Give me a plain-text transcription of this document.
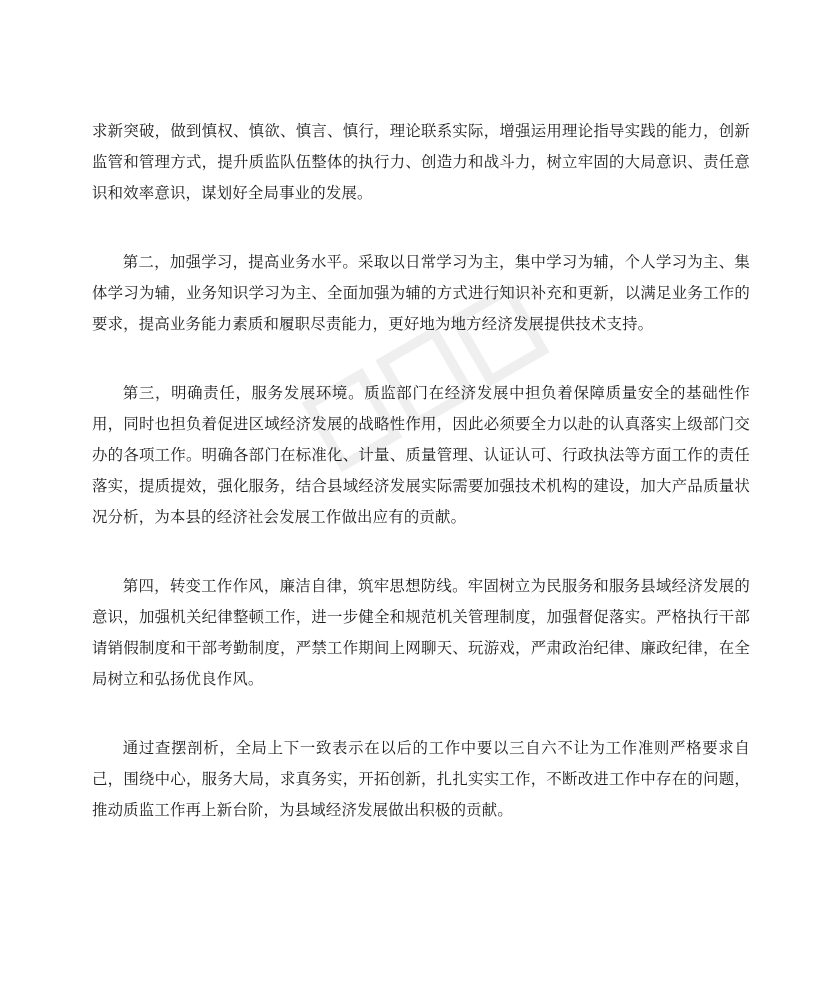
求新突破，做到慎权、慎欲、慎言、慎行，理论联系实际，增强运用理论指导实践的能力，创新监管和管理方式，提升质监队伍整体的执行力、创造力和战斗力，树立牢固的大局意识、责任意识和效率意识，谋划好全局事业的发展。

第二，加强学习，提高业务水平。采取以日常学习为主，集中学习为辅，个人学习为主、集体学习为辅，业务知识学习为主、全面加强为辅的方式进行知识补充和更新，以满足业务工作的要求，提高业务能力素质和履职尽责能力，更好地为地方经济发展提供技术支持。

第三，明确责任，服务发展环境。质监部门在经济发展中担负着保障质量安全的基础性作用，同时也担负着促进区域经济发展的战略性作用，因此必须要全力以赴的认真落实上级部门交办的各项工作。明确各部门在标准化、计量、质量管理、认证认可、行政执法等方面工作的责任落实，提质提效，强化服务，结合县域经济发展实际需要加强技术机构的建设，加大产品质量状况分析，为本县的经济社会发展工作做出应有的贡献。

第四，转变工作作风，廉洁自律，筑牢思想防线。牢固树立为民服务和服务县域经济发展的意识，加强机关纪律整顿工作，进一步健全和规范机关管理制度，加强督促落实。严格执行干部请销假制度和干部考勤制度，严禁工作期间上网聊天、玩游戏，严肃政治纪律、廉政纪律，在全局树立和弘扬优良作风。

通过查摆剖析，全局上下一致表示在以后的工作中要以三自六不让为工作准则严格要求自己，围绕中心，服务大局，求真务实，开拓创新，扎扎实实工作，不断改进工作中存在的问题，推动质监工作再上新台阶，为县域经济发展做出积极的贡献。
